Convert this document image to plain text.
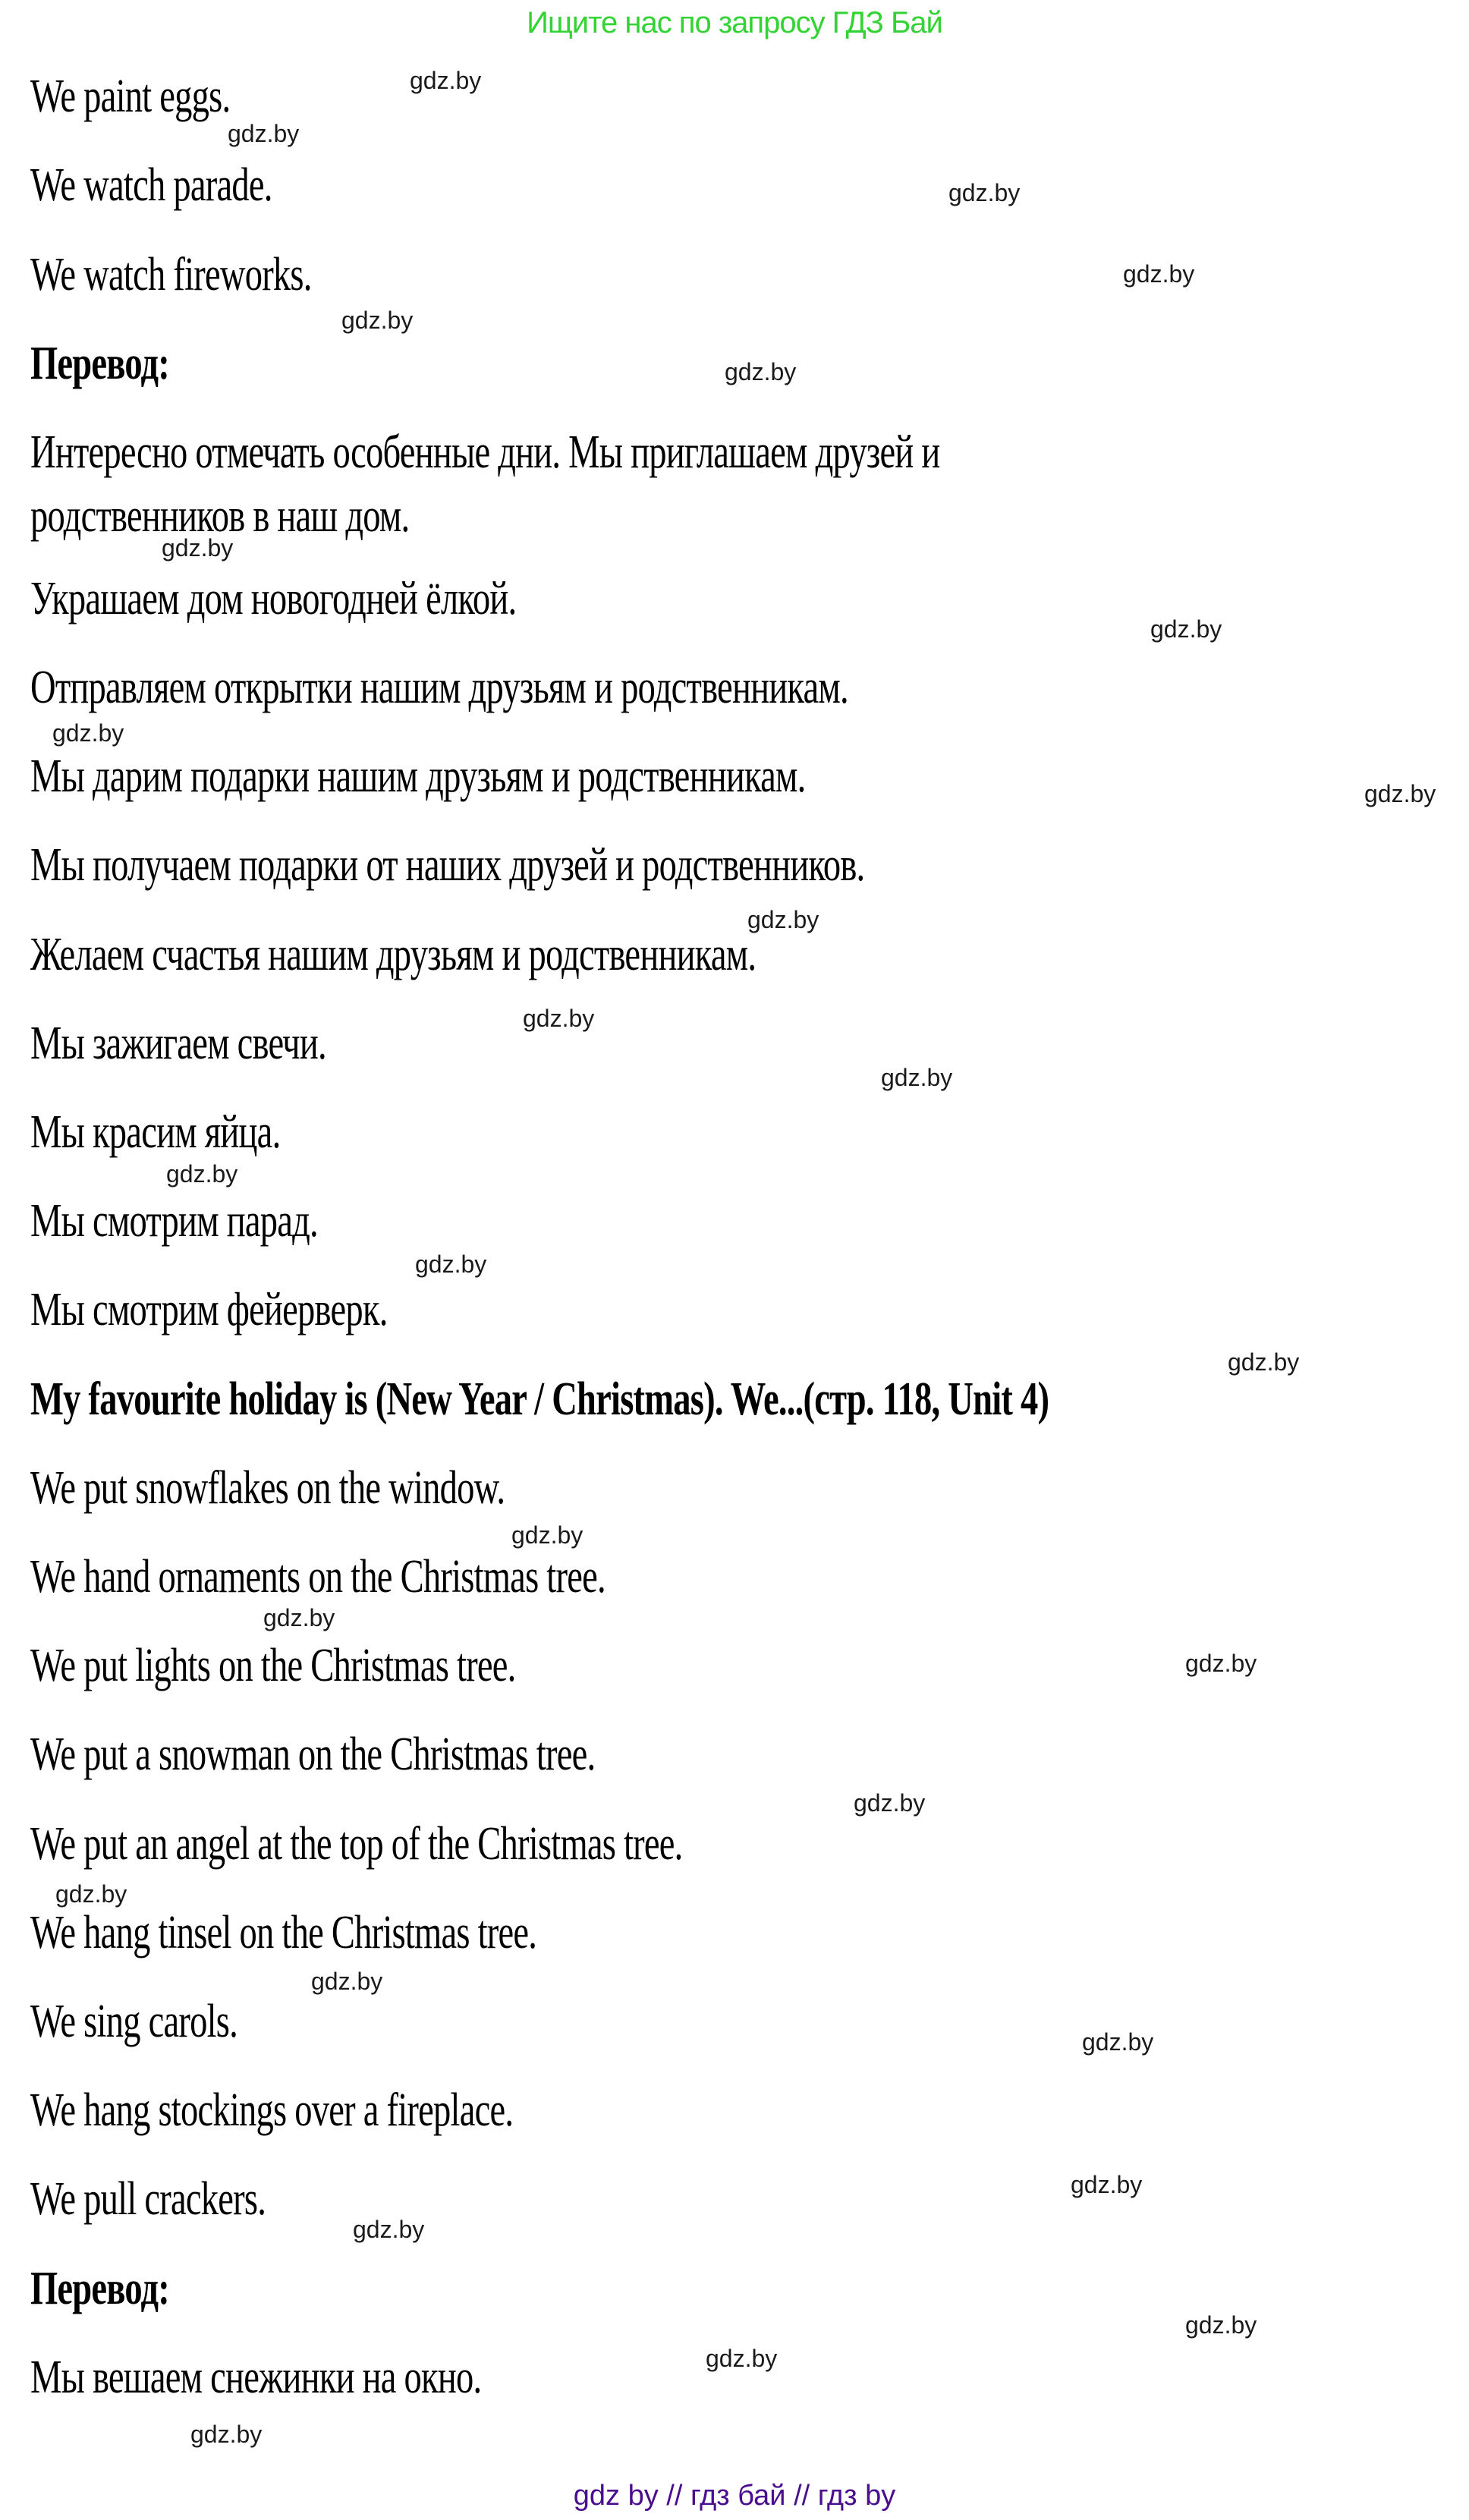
Ищите нас по запросу ГДЗ Бай
We paint eggs.
We watch parade.
We watch fireworks.
Перевод:
Интересно отмечать особенные дни. Мы приглашаем друзей и
родственников в наш дом.
Украшаем дом новогодней ёлкой.
Отправляем открытки нашим друзьям и родственникам.
Мы дарим подарки нашим друзьям и родственникам.
Мы получаем подарки от наших друзей и родственников.
Желаем счастья нашим друзьям и родственникам.
Мы зажигаем свечи.
Мы красим яйца.
Мы смотрим парад.
Мы смотрим фейерверк.
My favourite holiday is (New Year / Christmas). We...(стр. 118, Unit 4)
We put snowflakes on the window.
We hand ornaments on the Christmas tree.
We put lights on the Christmas tree.
We put a snowman on the Christmas tree.
We put an angel at the top of the Christmas tree.
We hang tinsel on the Christmas tree.
We sing carols.
We hang stockings over a fireplace.
We pull crackers.
Перевод:
Мы вешаем снежинки на окно.
gdz.by
gdz.by
gdz.by
gdz.by
gdz.by
gdz.by
gdz.by
gdz.by
gdz.by
gdz.by
gdz.by
gdz.by
gdz.by
gdz.by
gdz.by
gdz.by
gdz.by
gdz.by
gdz.by
gdz.by
gdz.by
gdz.by
gdz.by
gdz.by
gdz.by
gdz.by
gdz.by
gdz.by
gdz by // гдз бай // гдз by
